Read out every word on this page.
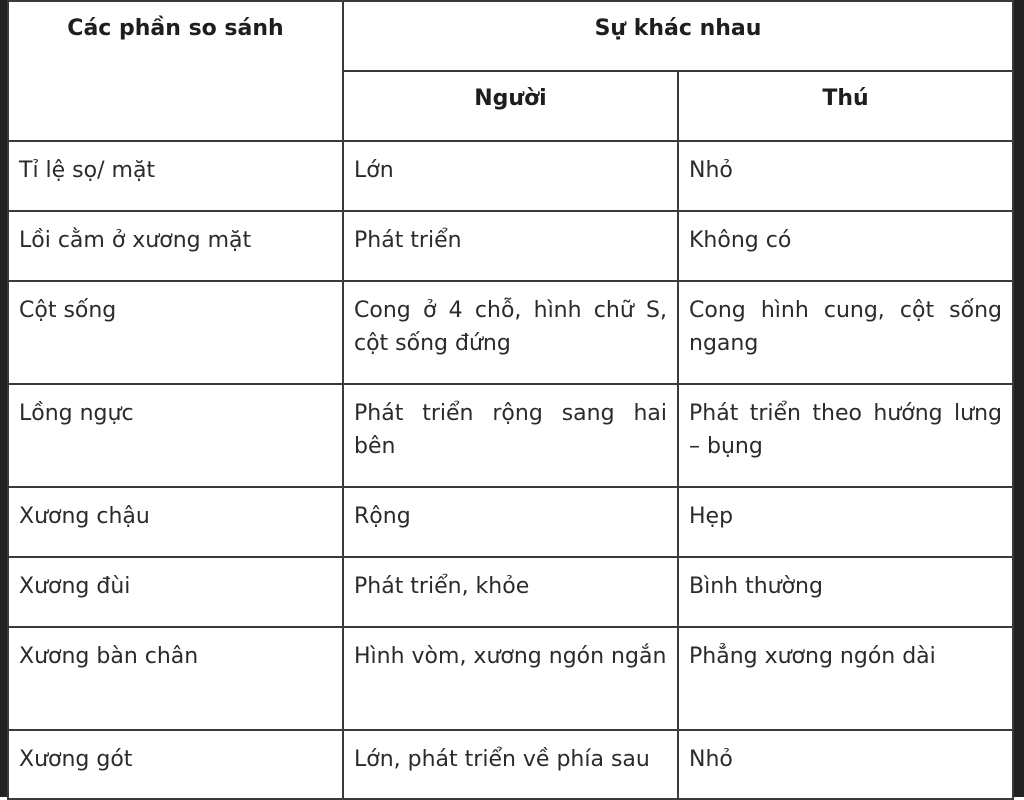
Các phần so sánh	Sự khác nhau	
	Người	Thú
Tỉ lệ sọ/ mặt	Lớn	Nhỏ
Lồi cằm ở xương mặt	Phát triển	Không có
Cột sống	Cong ở 4 chỗ, hình chữ S, cột sống đứng	Cong hình cung, cột sống ngang
Lồng ngực	Phát triển rộng sang hai bên	Phát triển theo hướng lưng – bụng
Xương chậu	Rộng	Hẹp
Xương đùi	Phát triển, khỏe	Bình thường
Xương bàn chân	Hình vòm, xương ngón ngắn	Phẳng xương ngón dài
Xương gót	Lớn, phát triển về phía sau	Nhỏ
